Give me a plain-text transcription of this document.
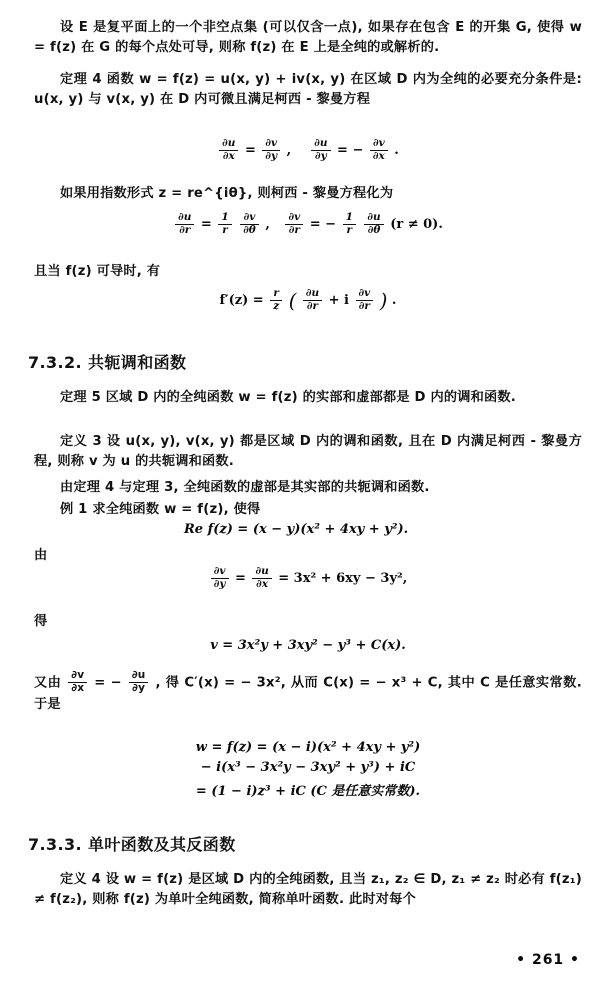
设 E 是复平面上的一个非空点集 (可以仅含一点), 如果存在包含 E 的开集 G, 使得 w = f(z) 在 G 的每个点处可导, 则称 f(z) 在 E 上是全纯的或解析的.

定理 4 函数 w = f(z) = u(x, y) + iv(x, y) 在区域 D 内为全纯的必要充分条件是: u(x, y) 与 v(x, y) 在 D 内可微且满足柯西 - 黎曼方程

$\frac{\partial u}{\partial x} = \frac{\partial v}{\partial y}$ , $\frac{\partial u}{\partial y}$ = − $\frac{\partial v}{\partial x}$ .

如果用指数形式 z = re^{iθ}, 则柯西 - 黎曼方程化为

$\frac{\partial u}{\partial r} = \frac{1}{r}$
$\frac{\partial v}{\partial\theta}$ , $\frac{\partial v}{\partial r}$ = − $\frac{1}{r}$
$\frac{\partial u}{\partial\theta} (r \ne 0)$.

且当 f(z) 可导时, 有

$f'(z) = \frac{r}{z}$ ( $\frac{\partial u}{\partial r} + i \frac{\partial v}{\partial r}$ ) .
7.3.2. 共轭调和函数

定理 5 区域 D 内的全纯函数 w = f(z) 的实部和虚部都是 D 内的调和函数.

定义 3 设 u(x, y), v(x, y) 都是区域 D 内的调和函数, 且在 D 内满足柯西 - 黎曼方程, 则称 v 为 u 的共轭调和函数.

由定理 4 与定理 3, 全纯函数的虚部是其实部的共轭调和函数.

例 1 求全纯函数 w = f(z), 使得

Re f(z) = (x − y)(x² + 4xy + y²).

由

$\frac{\partial v}{\partial y} = \frac{\partial u}{\partial x} = 3x^2 + 6xy - 3y^2$,

得

v = 3x²y + 3xy² − y³ + C(x).

又由 $\frac{\partial v}{\partial x}$ = − $\frac{\partial u}{\partial y}$ , 得 C′(x) = − 3x², 从而 C(x) = − x³ + C, 其中 C 是任意实常数. 于是

w = f(z) = (x − i)(x² + 4xy + y²)
− i(x³ − 3x²y − 3xy² + y³) + iC
= (1 − i)z³ + iC (C 是任意实常数).
7.3.3. 单叶函数及其反函数

定义 4 设 w = f(z) 是区域 D 内的全纯函数, 且当 z₁, z₂ ∈ D, z₁ ≠ z₂ 时必有 f(z₁) ≠ f(z₂), 则称 f(z) 为单叶全纯函数, 简称单叶函数. 此时对每个

• 261 •
